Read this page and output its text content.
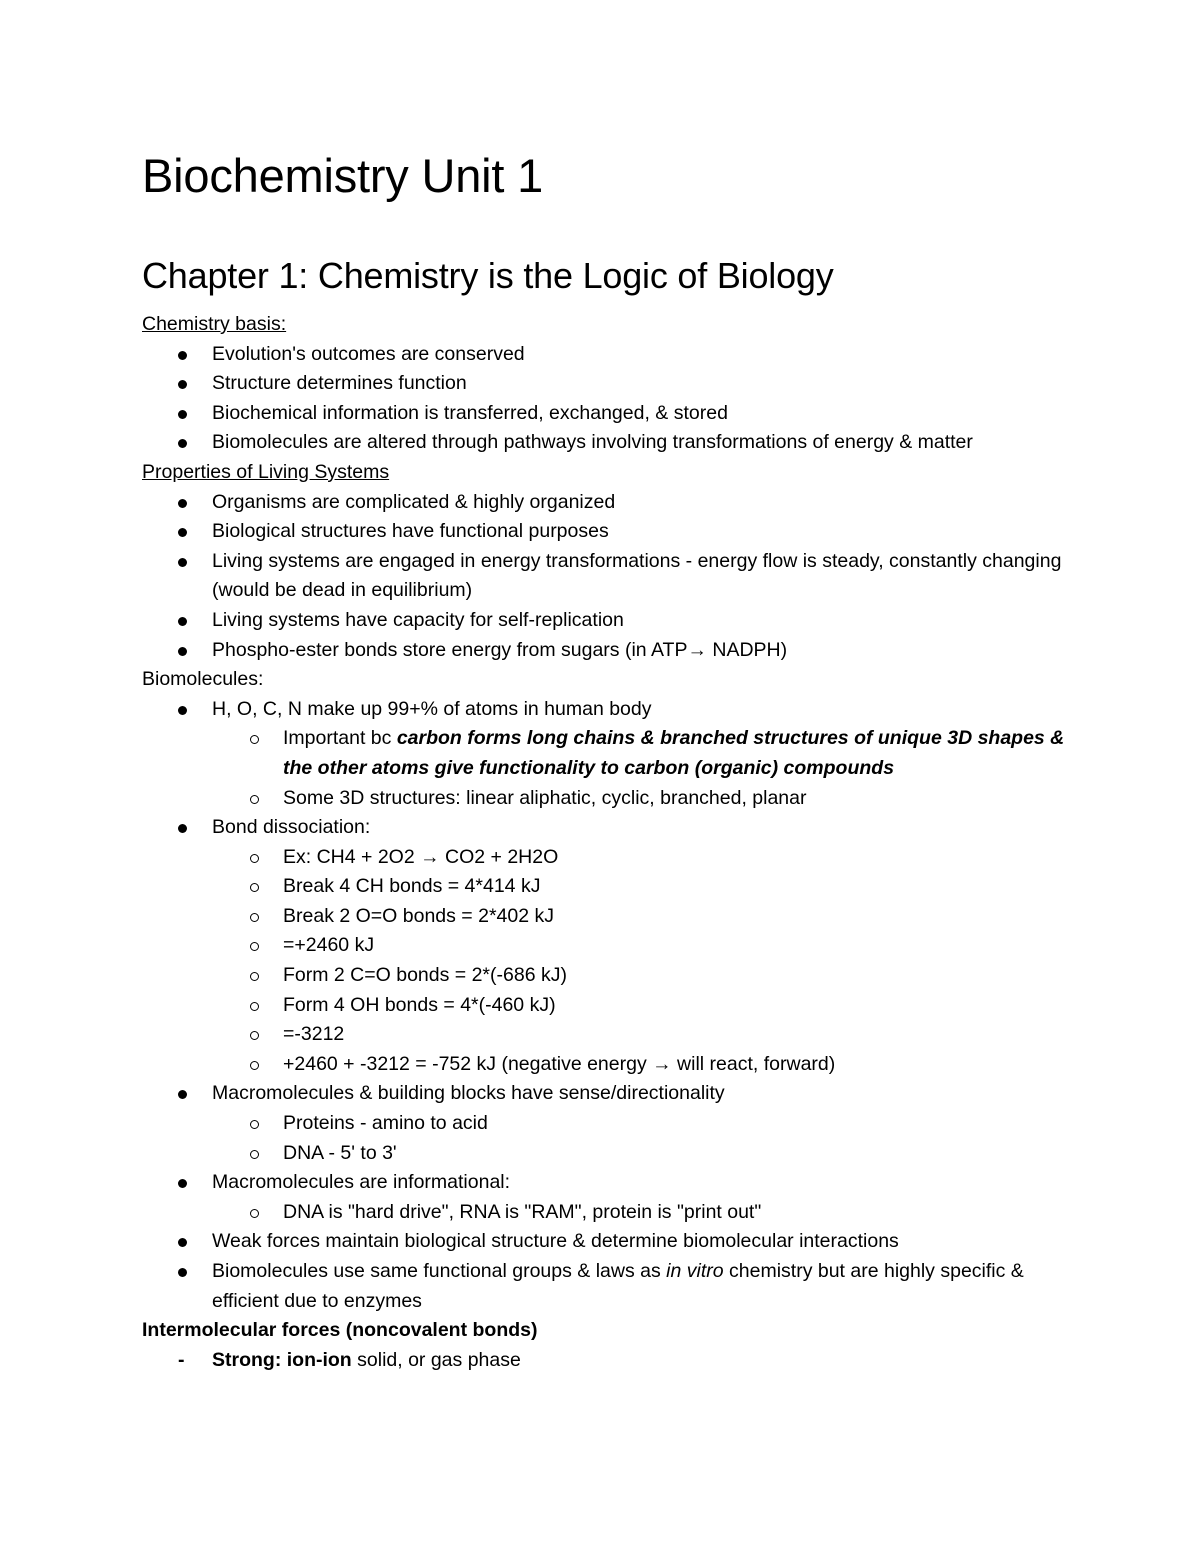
Biochemistry Unit 1
Chapter 1: Chemistry is the Logic of Biology
Chemistry basis:
Evolution's outcomes are conserved
Structure determines function
Biochemical information is transferred, exchanged, & stored
Biomolecules are altered through pathways involving transformations of energy & matter
Properties of Living Systems
Organisms are complicated & highly organized
Biological structures have functional purposes
Living systems are engaged in energy transformations - energy flow is steady, constantly changing (would be dead in equilibrium)
Living systems have capacity for self-replication
Phospho-ester bonds store energy from sugars (in ATP→ NADPH)
Biomolecules:
H, O, C, N make up 99+% of atoms in human body
Important bc carbon forms long chains & branched structures of unique 3D shapes & the other atoms give functionality to carbon (organic) compounds
Some 3D structures: linear aliphatic, cyclic, branched, planar
Bond dissociation:
Ex: CH4 + 2O2 → CO2 + 2H2O
Break 4 CH bonds = 4*414 kJ
Break 2 O=O bonds = 2*402 kJ
=+2460 kJ
Form 2 C=O bonds = 2*(-686 kJ)
Form 4 OH bonds = 4*(-460 kJ)
=-3212
+2460 + -3212 = -752 kJ (negative energy → will react, forward)
Macromolecules & building blocks have sense/directionality
Proteins - amino to acid
DNA - 5' to 3'
Macromolecules are informational:
DNA is "hard drive", RNA is "RAM", protein is "print out"
Weak forces maintain biological structure & determine biomolecular interactions
Biomolecules use same functional groups & laws as in vitro chemistry but are highly specific & efficient due to enzymes
Intermolecular forces (noncovalent bonds)
- Strong: ion-ion solid, or gas phase
